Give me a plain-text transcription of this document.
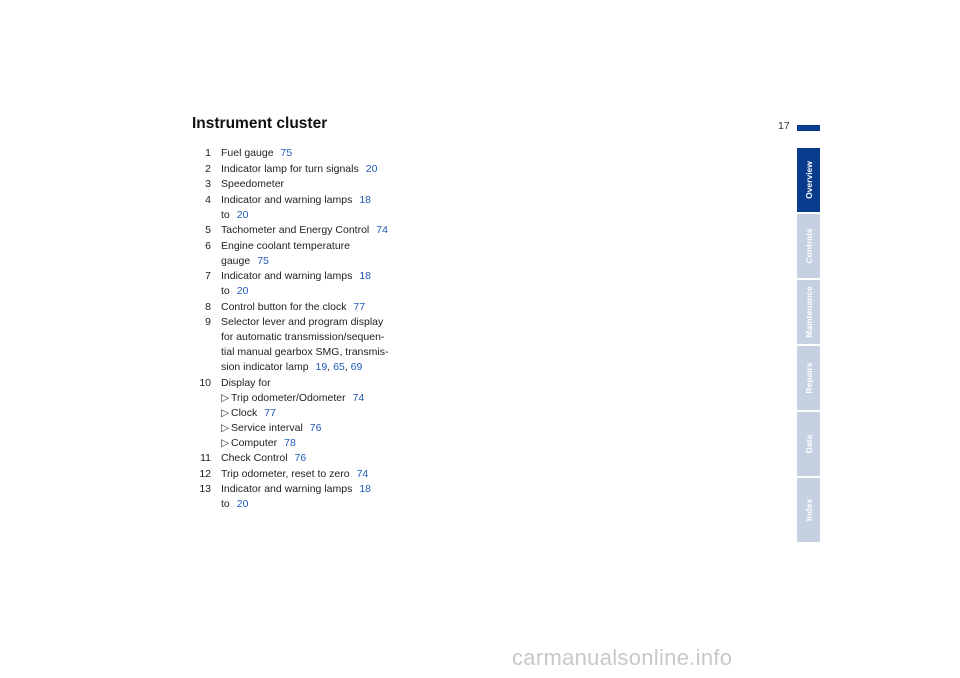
Instrument cluster	17
1 Fuel gauge 75
2 Indicator lamp for turn signals 20
3 Speedometer
4 Indicator and warning lamps 18
to 20
5 Tachometer and Energy Control 74
6 Engine coolant temperature
gauge 75
7 Indicator and warning lamps 18
to 20
8 Control button for the clock 77
9 Selector lever and program display
for automatic transmission/sequen-
tial manual gearbox SMG, transmis-
sion indicator lamp 19, 65, 69
10 Display for
▷ Trip odometer/Odometer 74
▷ Clock 77
▷ Service interval 76
▷ Computer 78
11 Check Control 76
12 Trip odometer, reset to zero 74
13 Indicator and warning lamps 18
to 20
Overview
Controls
Maintenance
Repairs
Data
Index
carmanualsonline.info
